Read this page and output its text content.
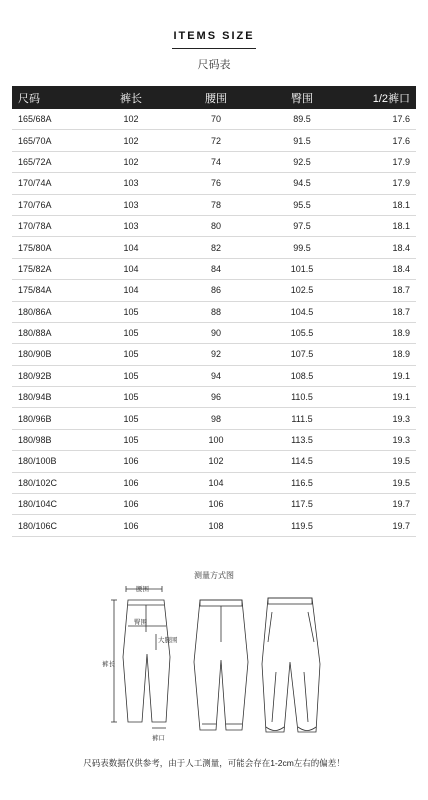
ITEMS SIZE
尺码表
尺码	裤长	腰围	臀围	1/2裤口
165/68A	102	70	89.5	17.6
165/70A	102	72	91.5	17.6
165/72A	102	74	92.5	17.9
170/74A	103	76	94.5	17.9
170/76A	103	78	95.5	18.1
170/78A	103	80	97.5	18.1
175/80A	104	82	99.5	18.4
175/82A	104	84	101.5	18.4
175/84A	104	86	102.5	18.7
180/86A	105	88	104.5	18.7
180/88A	105	90	105.5	18.9
180/90B	105	92	107.5	18.9
180/92B	105	94	108.5	19.1
180/94B	105	96	110.5	19.1
180/96B	105	98	111.5	19.3
180/98B	105	100	113.5	19.3
180/100B	106	102	114.5	19.5
180/102C	106	104	116.5	19.5
180/104C	106	106	117.5	19.7
180/106C	106	108	119.5	19.7
测量方式图
腰围
臀围
大腿围
裤长
裤口
尺码表数据仅供参考，由于人工测量，可能会存在1-2cm左右的偏差！
